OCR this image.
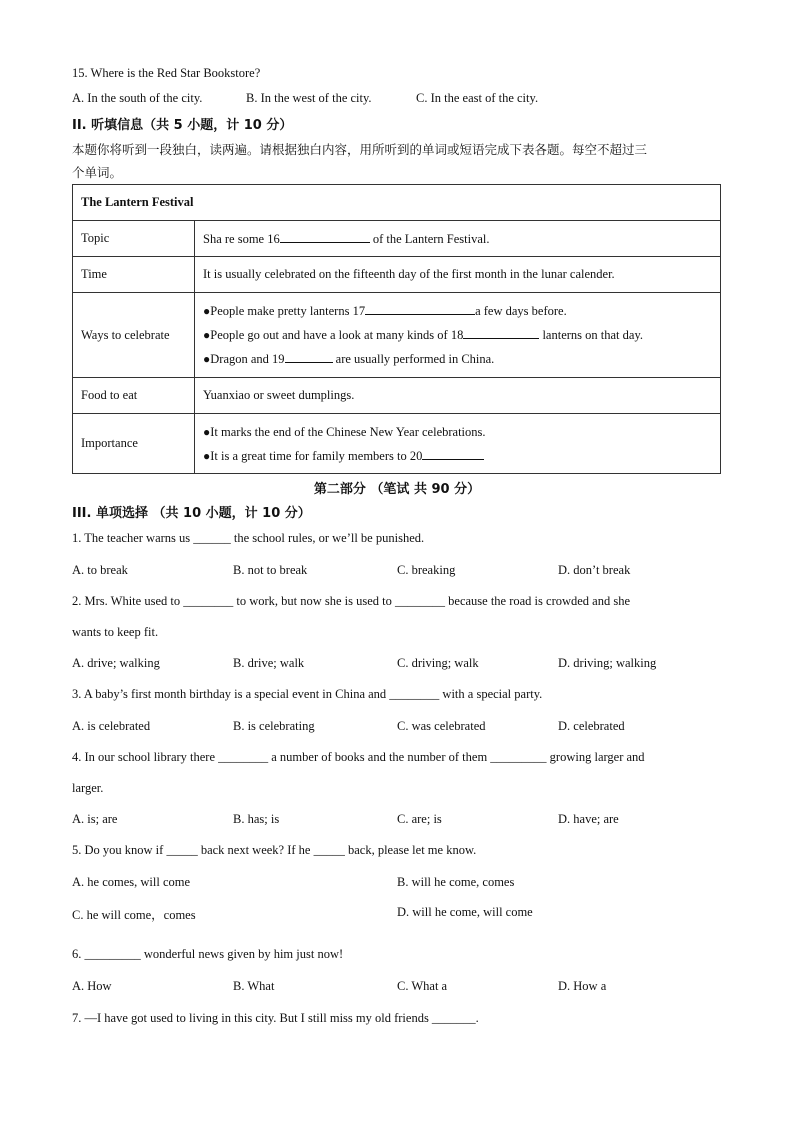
15. Where is the Red Star Bookstore?
A. In the south of the city.	B. In the west of the city.	C. In the east of the city.
II. 听填信息（共 5 小题，计 10 分）
本题你将听到一段独白，读两遍。请根据独白内容，用所听到的单词或短语完成下表各题。每空不超过三
个单词。
The Lantern Festival	
Topic	Sha re some 16 of the Lantern Festival.
Time	It is usually celebrated on the fifteenth day of the first month in the lunar calender.
Ways to celebrate	●People make pretty lanterns 17 a few days before.
●People go out and have a look at many kinds of 18 lanterns on that day.
●Dragon and 19 are usually performed in China.

Food to eat	Yuanxiao or sweet dumplings.
Importance	●It marks the end of the Chinese New Year celebrations.
●It is a great time for family members to 20
第二部分 （笔试 共 90 分）
III. 单项选择 （共 10 小题，计 10 分）
1. The teacher warns us ______ the school rules, or we’ll be punished.
A. to break	B. not to break	C. breaking	D. don’t break
2. Mrs. White used to ________ to work, but now she is used to ________ because the road is crowded and she
wants to keep fit.
A. drive; walking	B. drive; walk	C. driving; walk	D. driving; walking
3. A baby’s first month birthday is a special event in China and ________ with a special party.
A. is celebrated	B. is celebrating	C. was celebrated	D. celebrated
4. In our school library there ________ a number of books and the number of them _________ growing larger and
larger.
A. is; are	B. has; is	C. are; is	D. have; are
5. Do you know if _____ back next week? If he _____ back, please let me know.
A. he comes, will come	B. will he come, comes
C. he will come，comes	D. will he come, will come
6. _________ wonderful news given by him just now!
A. How	B. What	C. What a	D. How a
7. —I have got used to living in this city. But I still miss my old friends _______.
